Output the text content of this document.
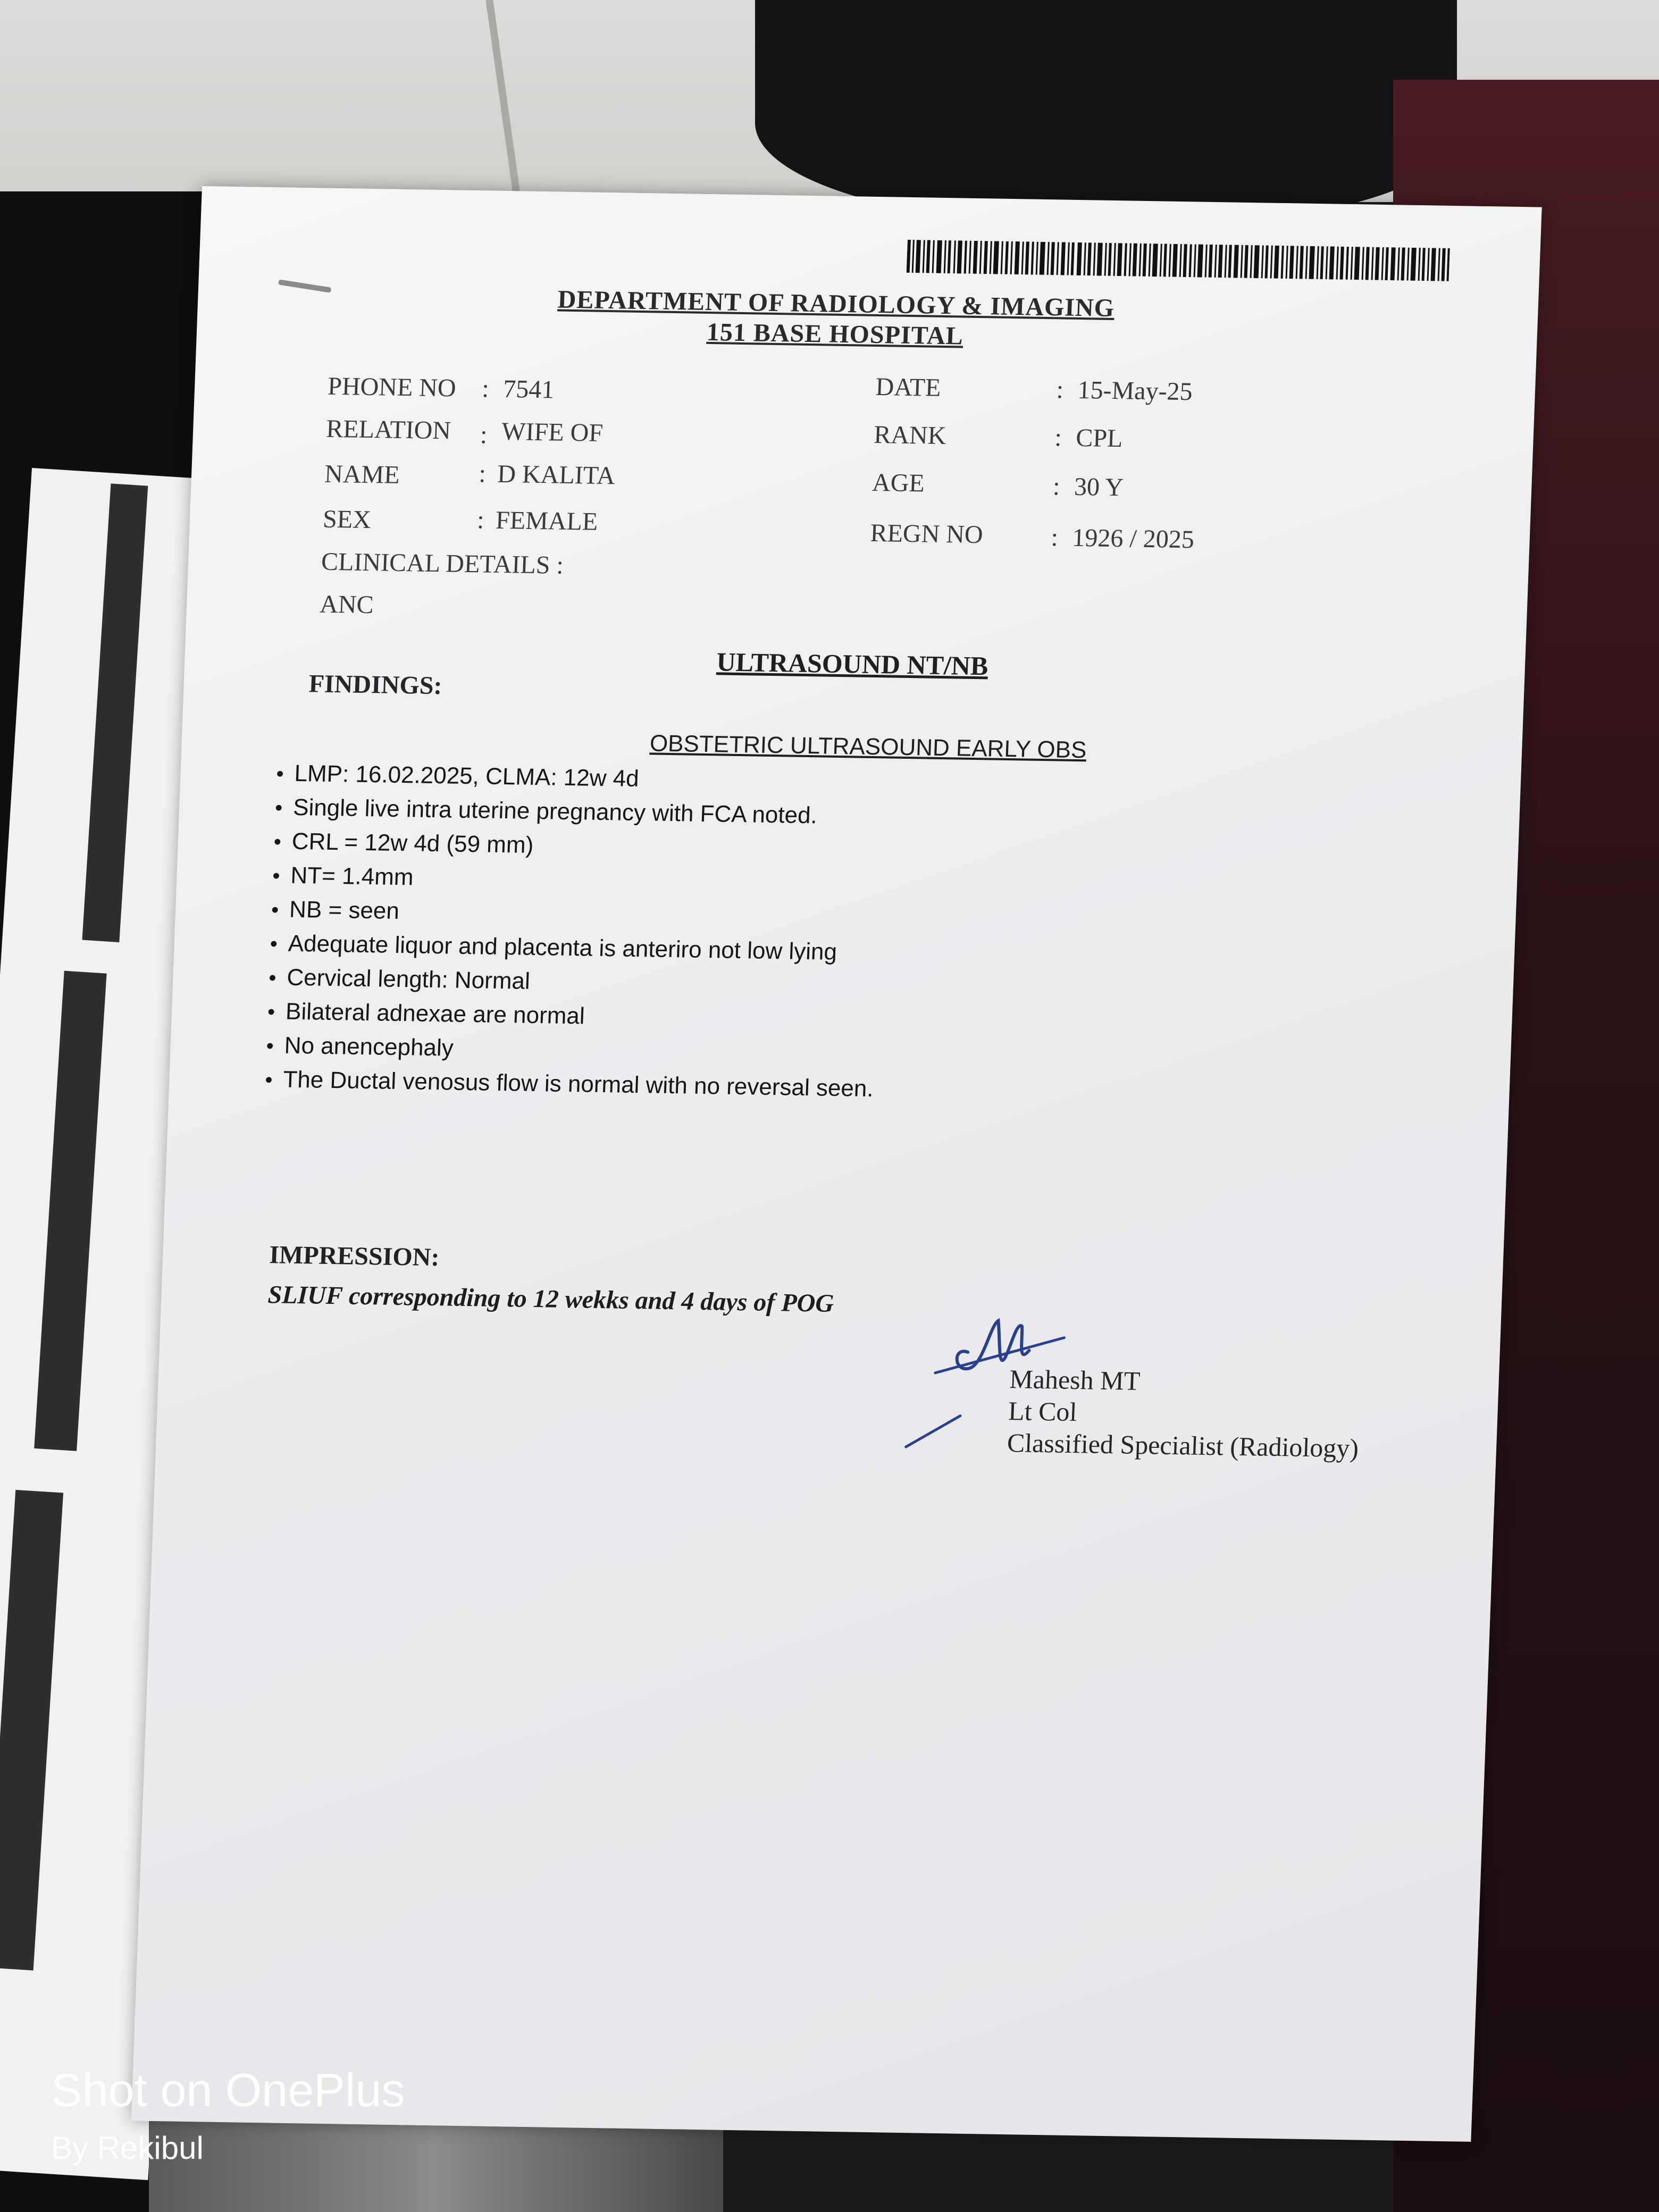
DEPARTMENT OF RADIOLOGY & IMAGING
151 BASE HOSPITAL
PHONE NO : 7541
RELATION : WIFE OF
NAME	: D KALITA
SEX	: FEMALE
DATE	: 15-May-25
RANK	: CPL
AGE	: 30 Y
REGN NO	: 1926 / 2025
CLINICAL DETAILS :
ANC
ULTRASOUND NT/NB
FINDINGS:
OBSTETRIC ULTRASOUND EARLY OBS
• LMP: 16.02.2025, CLMA: 12w 4d
• Single live intra uterine pregnancy with FCA noted.
• CRL = 12w 4d (59 mm)
• NT= 1.4mm
• NB = seen
• Adequate liquor and placenta is anteriro not low lying
• Cervical length: Normal
• Bilateral adnexae are normal
• No anencephaly
• The Ductal venosus flow is normal with no reversal seen.
IMPRESSION:
SLIUF corresponding to 12 wekks and 4 days of POG
Mahesh MT
Lt Col
Classified Specialist (Radiology)
Shot on OnePlus
By Rekibul
